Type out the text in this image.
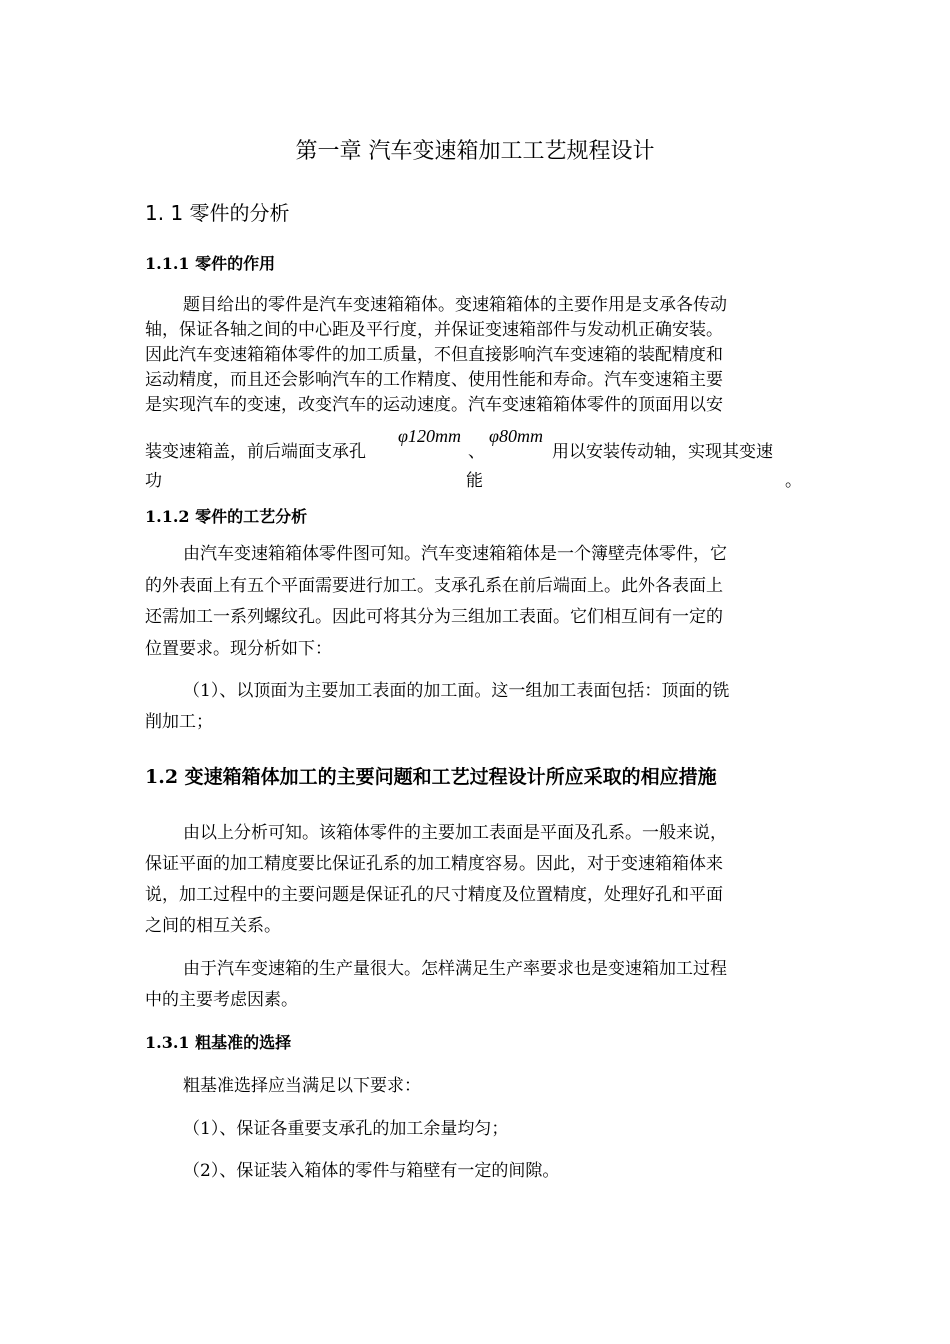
第一章 汽车变速箱加工工艺规程设计
1. 1 零件的分析
1.1.1 零件的作用
题目给出的零件是汽车变速箱箱体。变速箱箱体的主要作用是支承各传动
轴，保证各轴之间的中心距及平行度，并保证变速箱部件与发动机正确安装。
因此汽车变速箱箱体零件的加工质量，不但直接影响汽车变速箱的装配精度和
运动精度，而且还会影响汽车的工作精度、使用性能和寿命。汽车变速箱主要
是实现汽车的变速，改变汽车的运动速度。汽车变速箱箱体零件的顶面用以安
装变速箱盖，前后端面支承孔
φ120mm
、
φ80mm
用以安装传动轴，实现其变速
功	能	。
1.1.2 零件的工艺分析
由汽车变速箱箱体零件图可知。汽车变速箱箱体是一个簿壁壳体零件，它
的外表面上有五个平面需要进行加工。支承孔系在前后端面上。此外各表面上
还需加工一系列螺纹孔。因此可将其分为三组加工表面。它们相互间有一定的
位置要求。现分析如下：
（1）、以顶面为主要加工表面的加工面。这一组加工表面包括：顶面的铣
削加工；
1.2 变速箱箱体加工的主要问题和工艺过程设计所应采取的相应措施
由以上分析可知。该箱体零件的主要加工表面是平面及孔系。一般来说，
保证平面的加工精度要比保证孔系的加工精度容易。因此，对于变速箱箱体来
说，加工过程中的主要问题是保证孔的尺寸精度及位置精度，处理好孔和平面
之间的相互关系。
由于汽车变速箱的生产量很大。怎样满足生产率要求也是变速箱加工过程
中的主要考虑因素。
1.3.1 粗基准的选择
粗基准选择应当满足以下要求：
（1）、保证各重要支承孔的加工余量均匀；
（2）、保证装入箱体的零件与箱壁有一定的间隙。
